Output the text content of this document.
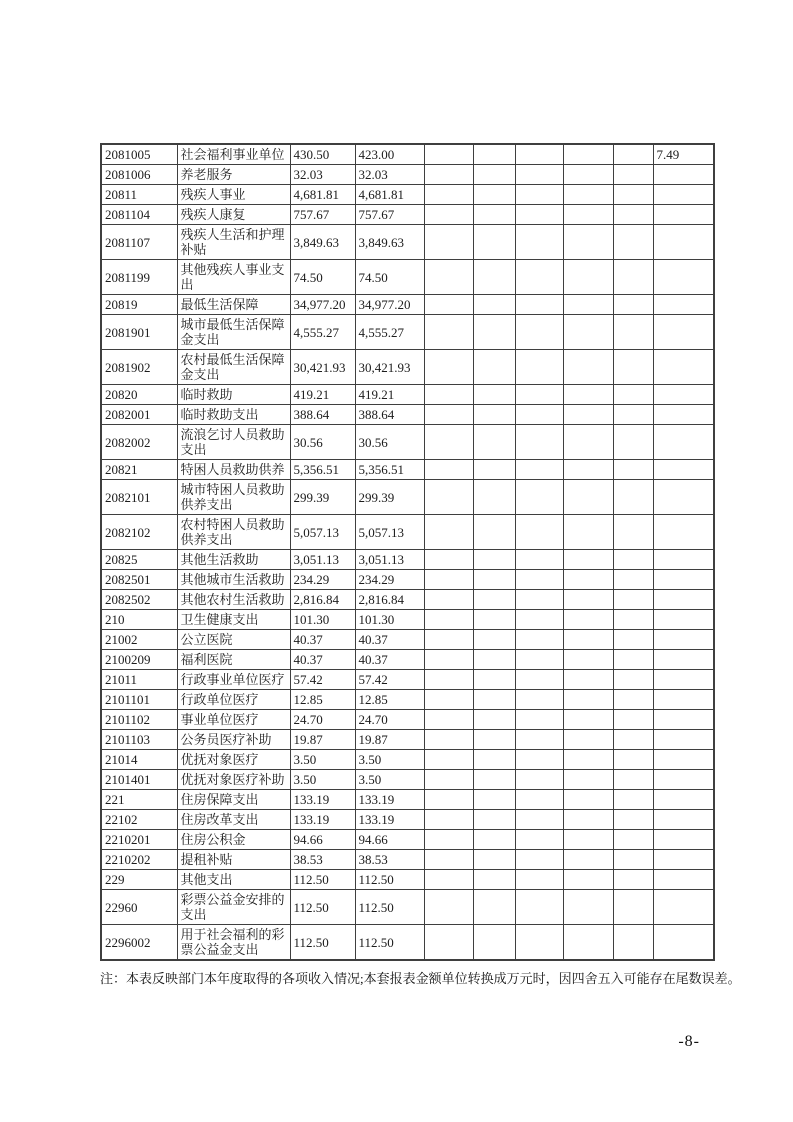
2081005	社会福利事业单位	430.50	423.00						7.49
2081006	养老服务	32.03	32.03						
20811	残疾人事业	4,681.81	4,681.81						
2081104	残疾人康复	757.67	757.67						
2081107	残疾人生活和护理补贴	3,849.63	3,849.63						
2081199	其他残疾人事业支出	74.50	74.50						
20819	最低生活保障	34,977.20	34,977.20						
2081901	城市最低生活保障金支出	4,555.27	4,555.27						
2081902	农村最低生活保障金支出	30,421.93	30,421.93						
20820	临时救助	419.21	419.21						
2082001	临时救助支出	388.64	388.64						
2082002	流浪乞讨人员救助支出	30.56	30.56						
20821	特困人员救助供养	5,356.51	5,356.51						
2082101	城市特困人员救助供养支出	299.39	299.39						
2082102	农村特困人员救助供养支出	5,057.13	5,057.13						
20825	其他生活救助	3,051.13	3,051.13						
2082501	其他城市生活救助	234.29	234.29						
2082502	其他农村生活救助	2,816.84	2,816.84						
210	卫生健康支出	101.30	101.30						
21002	公立医院	40.37	40.37						
2100209	福利医院	40.37	40.37						
21011	行政事业单位医疗	57.42	57.42						
2101101	行政单位医疗	12.85	12.85						
2101102	事业单位医疗	24.70	24.70						
2101103	公务员医疗补助	19.87	19.87						
21014	优抚对象医疗	3.50	3.50						
2101401	优抚对象医疗补助	3.50	3.50						
221	住房保障支出	133.19	133.19						
22102	住房改革支出	133.19	133.19						
2210201	住房公积金	94.66	94.66						
2210202	提租补贴	38.53	38.53						
229	其他支出	112.50	112.50						
22960	彩票公益金安排的支出	112.50	112.50						
2296002	用于社会福利的彩票公益金支出	112.50	112.50						
注：本表反映部门本年度取得的各项收入情况;本套报表金额单位转换成万元时，因四舍五入可能存在尾数误差。
-8-
